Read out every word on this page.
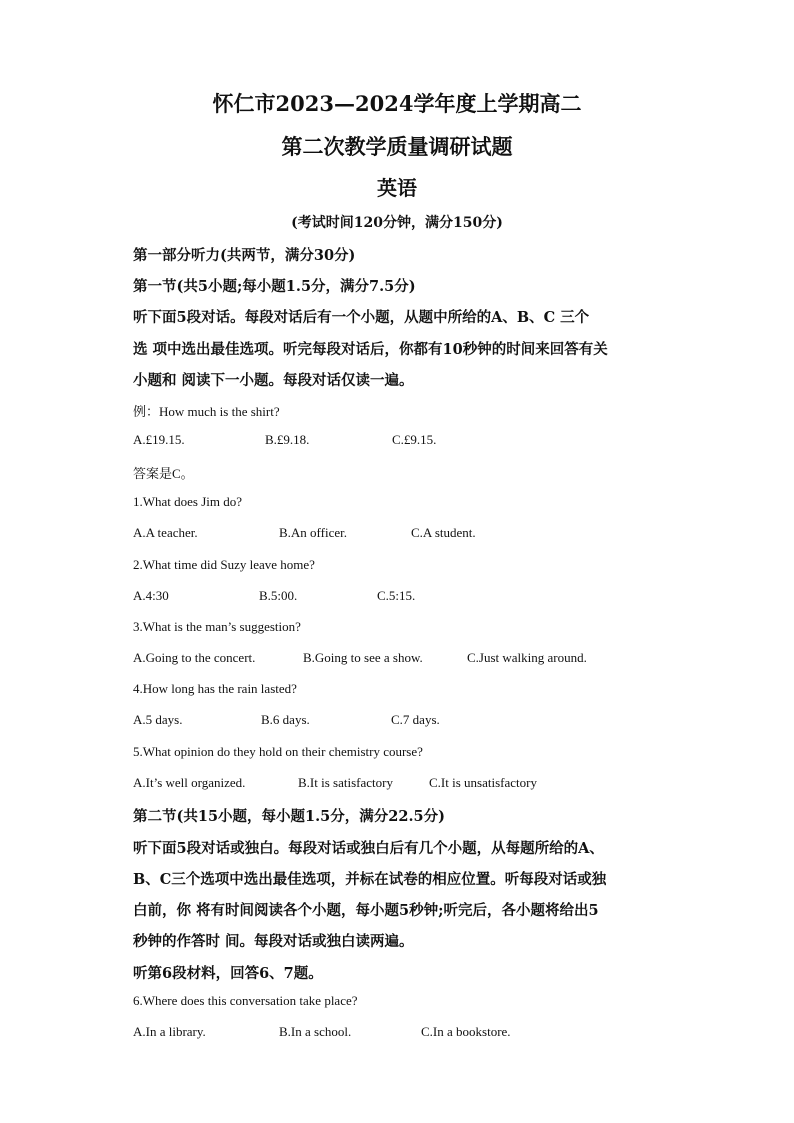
怀仁市2023—2024学年度上学期高二
第二次教学质量调研试题
英语
(考试时间120分钟，满分150分)
第一部分听力(共两节，满分30分)
第一节(共5小题;每小题1.5分，满分7.5分)
听下面5段对话。每段对话后有一个小题，从题中所给的A、B、C 三个
选 项中选出最佳选项。听完每段对话后，你都有10秒钟的时间来回答有关
小题和 阅读下一小题。每段对话仅读一遍。
例：How much is the shirt?
A.£19.15.	B.£9.18.	C.£9.15.
答案是C。
1.What does Jim do?
A.A teacher.	B.An officer.	C.A student.
2.What time did Suzy leave home?
A.4:30	B.5:00.	C.5:15.
3.What is the man’s suggestion?
A.Going to the concert.	B.Going to see a show.	C.Just walking around.
4.How long has the rain lasted?
A.5 days.	B.6 days.	C.7 days.
5.What opinion do they hold on their chemistry course?
A.It’s well organized.	B.It is satisfactory	C.It is unsatisfactory
第二节(共15小题，每小题1.5分，满分22.5分)
听下面5段对话或独白。每段对话或独白后有几个小题，从每题所给的A、
B、C三个选项中选出最佳选项，并标在试卷的相应位置。听每段对话或独
白前，你 将有时间阅读各个小题，每小题5秒钟;听完后，各小题将给出5
秒钟的作答时 间。每段对话或独白读两遍。
听第6段材料，回答6、7题。
6.Where does this conversation take place?
A.In a library.	B.In a school.	C.In a bookstore.
